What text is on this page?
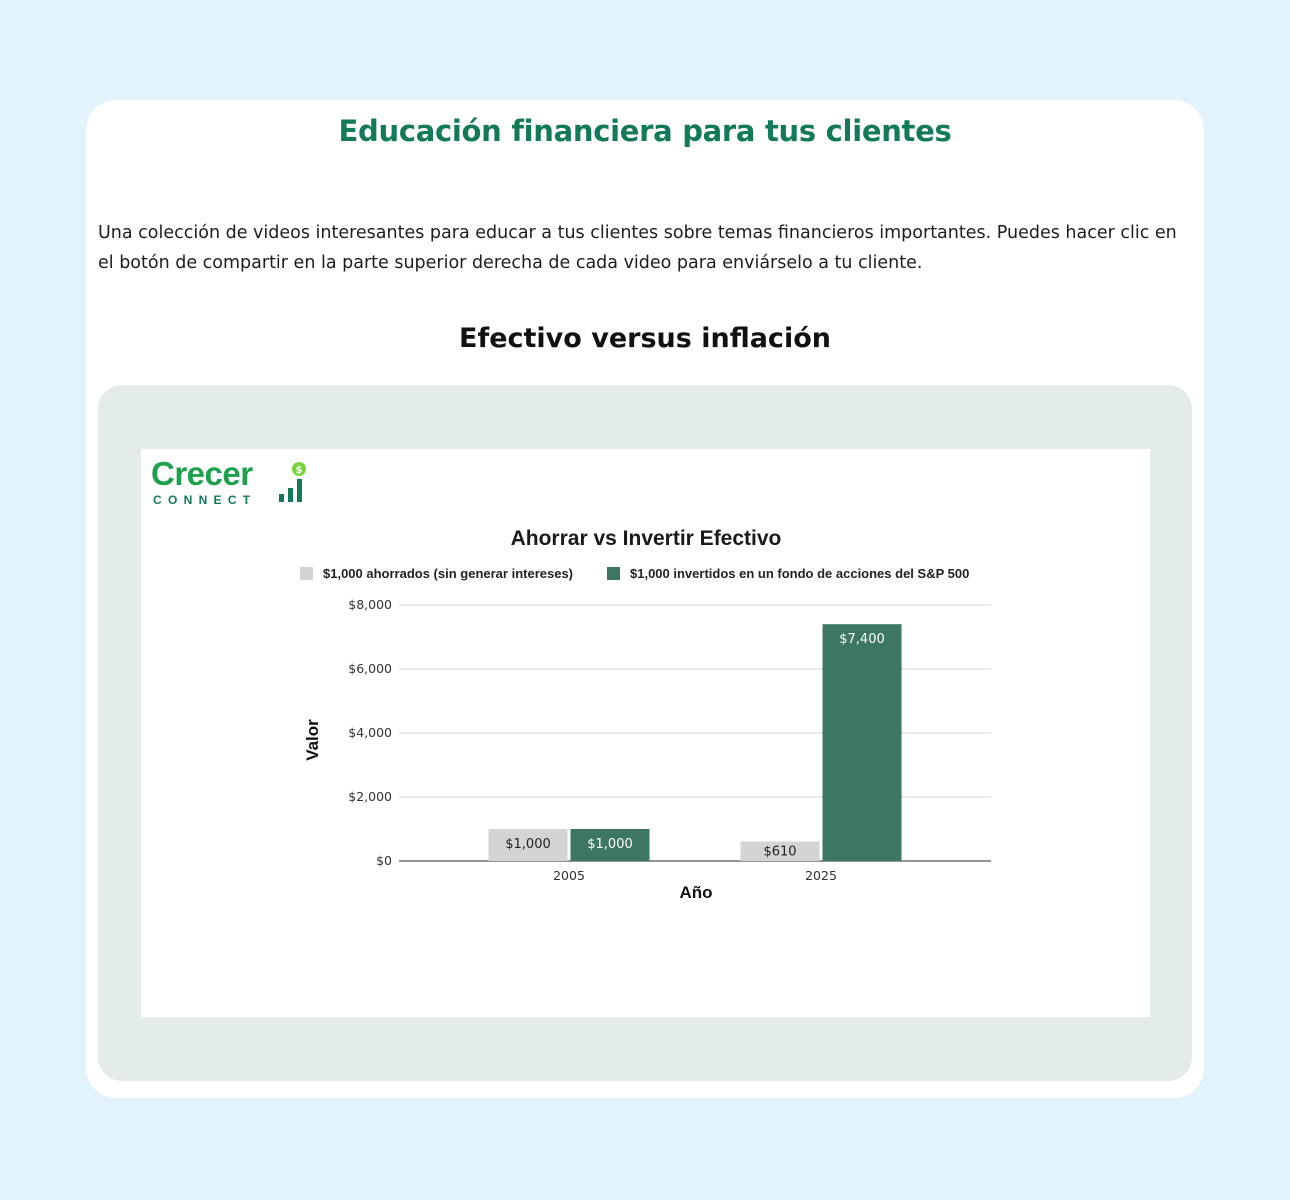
Educación financiera para tus clientes
Una colección de videos interesantes para educar a tus clientes sobre temas financieros importantes. Puedes hacer clic en el botón de compartir en la parte superior derecha de cada video para enviárselo a tu cliente.
Efectivo versus inflación
Crecer
CONNECT
$
Ahorrar vs Invertir Efectivo
$1,000 ahorrados (sin generar intereses)	$1,000 invertidos en un fondo de acciones del S&P 500
$0
$2,000
$4,000
$6,000
$8,000
$1,000	$1,000
2005
$610
$7,400
2025
Año
Valor
